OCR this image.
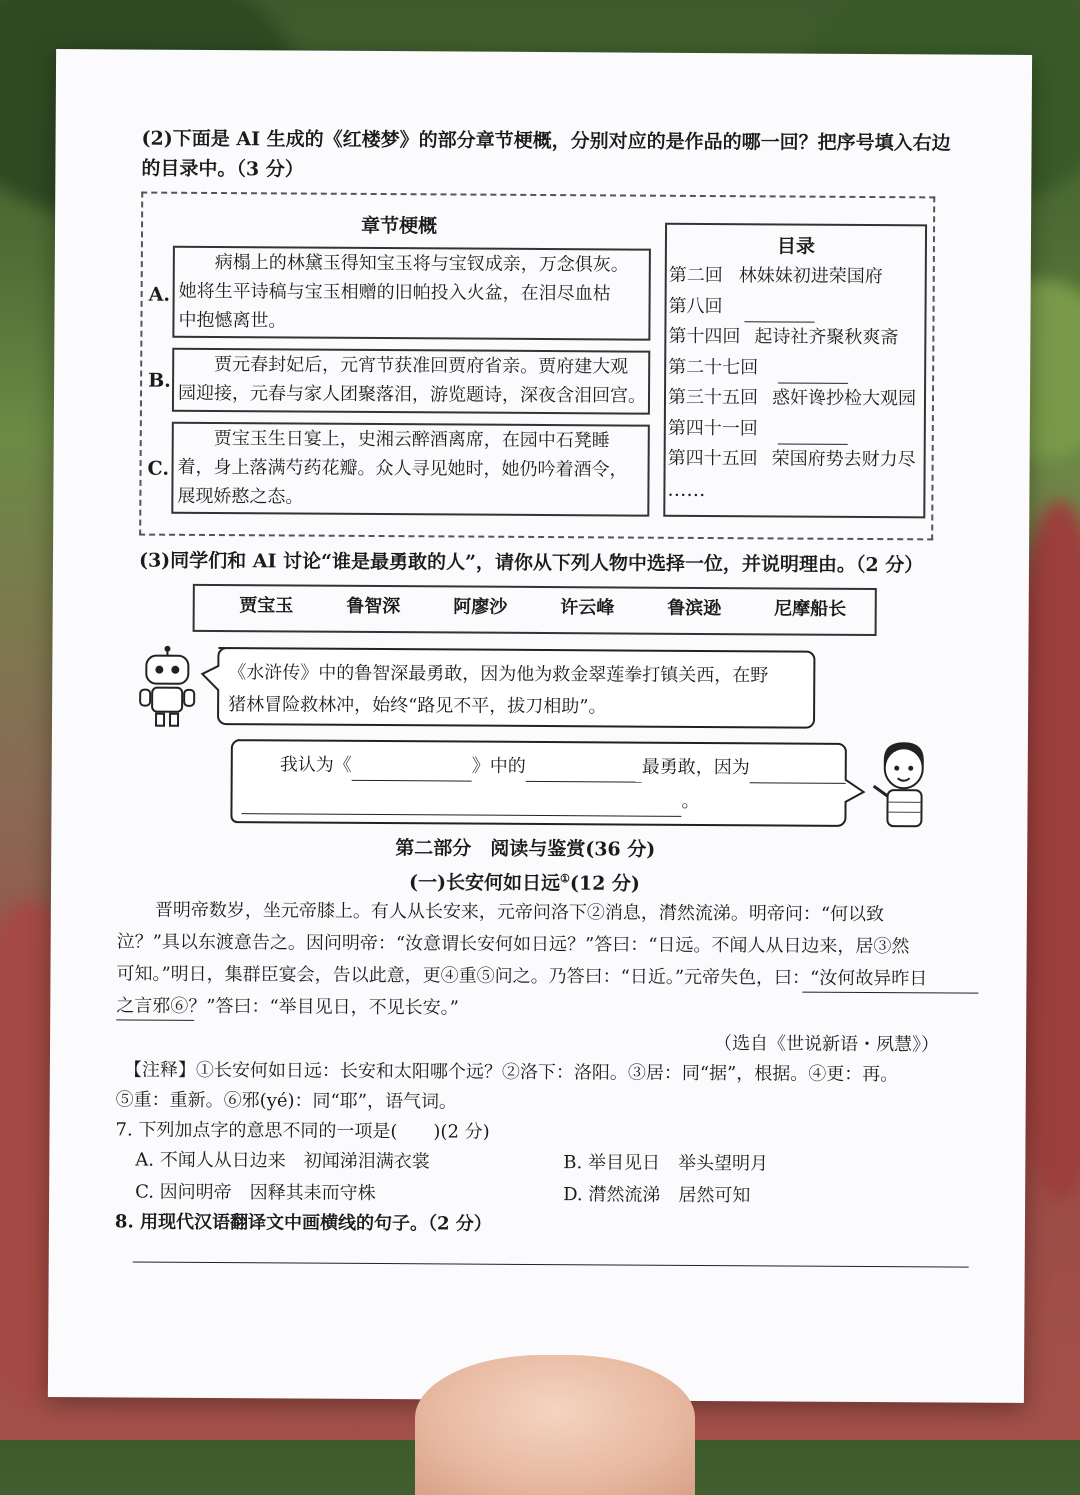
(2)下面是 AI 生成的《红楼梦》的部分章节梗概，分别对应的是作品的哪一回？把序号填入右边
的目录中。（3 分）
章节梗概
A.
病榻上的林黛玉得知宝玉将与宝钗成亲，万念俱灰。
她将生平诗稿与宝玉相赠的旧帕投入火盆，在泪尽血枯
中抱憾离世。
B.
贾元春封妃后，元宵节获准回贾府省亲。贾府建大观
园迎接，元春与家人团聚落泪，游览题诗，深夜含泪回宫。
C.
贾宝玉生日宴上，史湘云醉酒离席，在园中石凳睡
着，身上落满芍药花瓣。众人寻见她时，她仍吟着酒令，
展现娇憨之态。
目录
第二回 林妹妹初进荣国府
第八回
第十四回 起诗社齐聚秋爽斋
第二十七回
第三十五回 惑奸谗抄检大观园
第四十一回
第四十五回 荣国府势去财力尽
……
(3)同学们和 AI 讨论“谁是最勇敢的人”，请你从下列人物中选择一位，并说明理由。（2 分）
贾宝玉	鲁智深	阿廖沙	许云峰	鲁滨逊	尼摩船长
《水浒传》中的鲁智深最勇敢，因为他为救金翠莲拳打镇关西，在野
猪林冒险救林冲，始终“路见不平，拔刀相助”。
我认为《	》中的	最勇敢，因为
。
第二部分　阅读与鉴赏(36 分)
(一)长安何如日远①(12 分)
晋明帝数岁，坐元帝膝上。有人从长安来，元帝问洛下②消息，潸然流涕。明帝问：“何以致
泣？”具以东渡意告之。因问明帝：“汝意谓长安何如日远？”答曰：“日远。不闻人从日边来，居③然
可知。”明日，集群臣宴会，告以此意，更④重⑤问之。乃答曰：“日近。”元帝失色，曰：“汝何故异昨日
之言邪⑥？”答曰：“举目见日，不见长安。”
（选自《世说新语・夙慧》）
【注释】①长安何如日远：长安和太阳哪个远？②洛下：洛阳。③居：同“据”，根据。④更：再。
⑤重：重新。⑥邪(yé)：同“耶”，语气词。
7. 下列加点字的意思不同的一项是(　　)(2 分)
A. 不闻人从日边来　初闻涕泪满衣裳	B. 举目见日　举头望明月
C. 因问明帝　因释其耒而守株	D. 潸然流涕　居然可知
8. 用现代汉语翻译文中画横线的句子。（2 分）
